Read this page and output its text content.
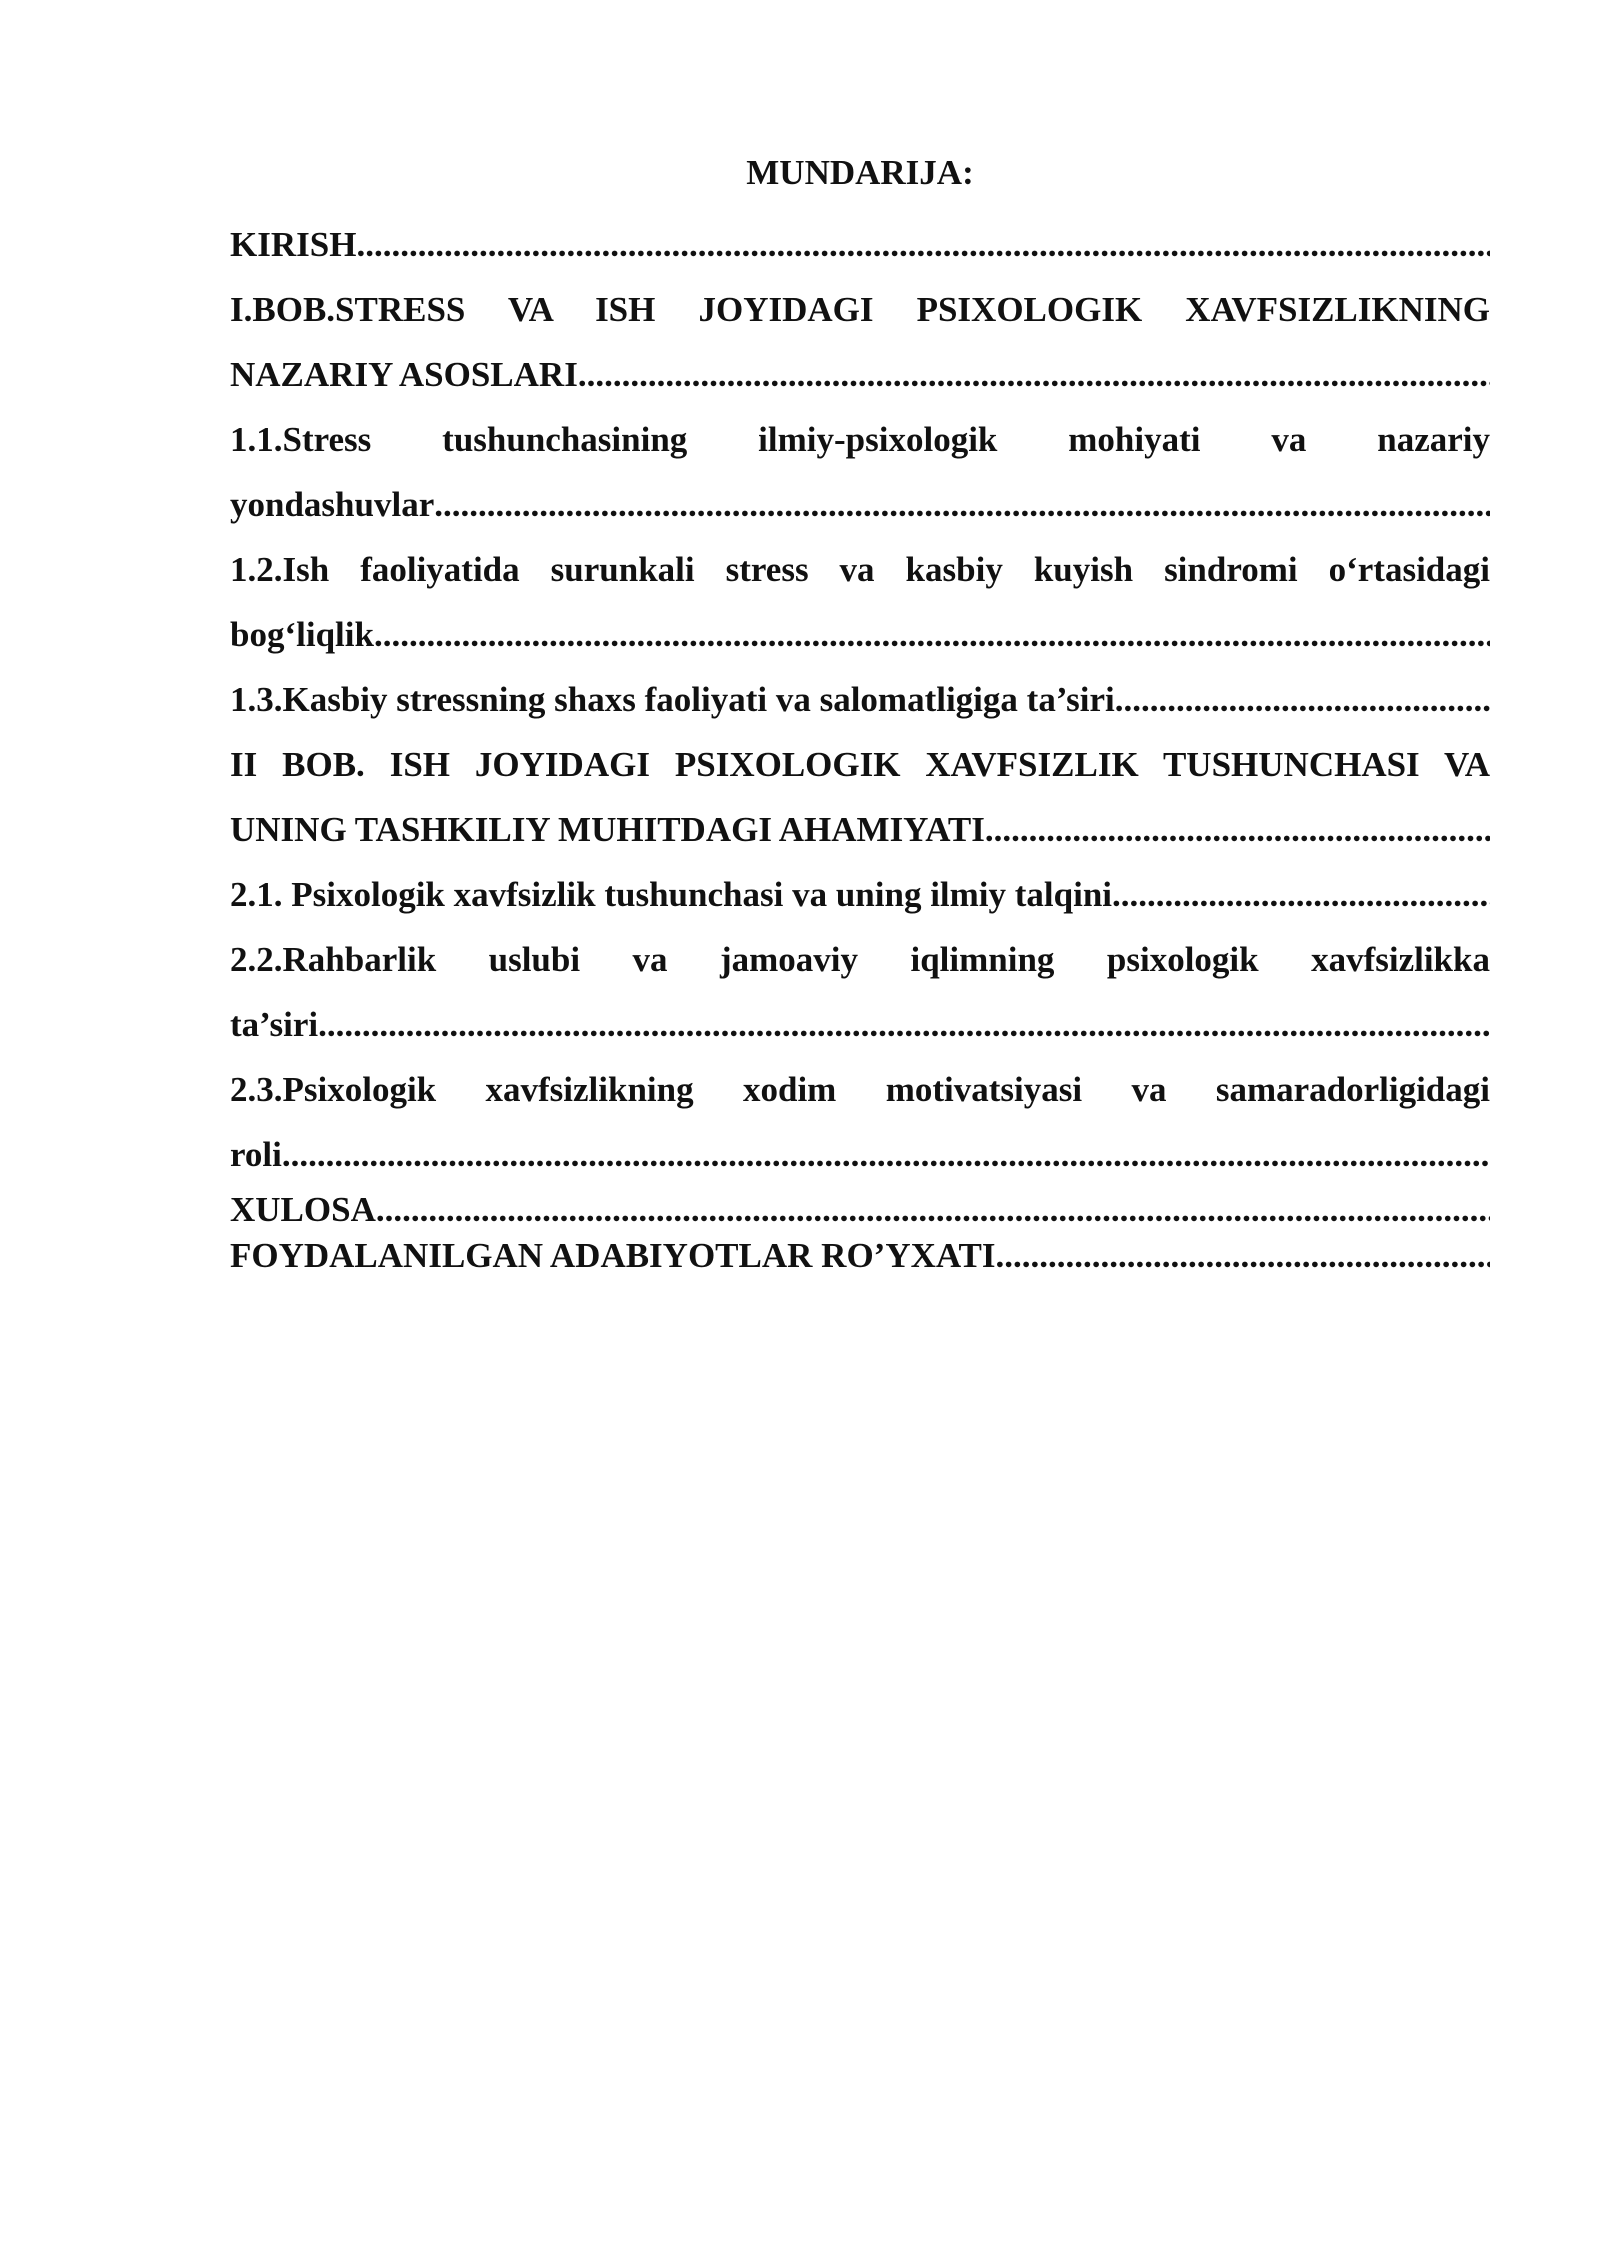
MUNDARIJA:
KIRISH
.....
I.BOB.STRESS VA ISH JOYIDAGI PSIXOLOGIK XAVFSIZLIKNING
NAZARIY ASOSLARI
.....
1.1.Stress tushunchasining ilmiy-psixologik mohiyati va nazariy
yondashuvlar
.....
1.2.Ish faoliyatida surunkali stress va kasbiy kuyish sindromi o‘rtasidagi
bog‘liqlik
.....
1.3.Kasbiy stressning shaxs faoliyati va salomatligiga ta’siri
.....
II BOB. ISH JOYIDAGI PSIXOLOGIK XAVFSIZLIK TUSHUNCHASI VA
UNING TASHKILIY MUHITDAGI AHAMIYATI
.....
2.1. Psixologik xavfsizlik tushunchasi va uning ilmiy talqini
.....
2.2.Rahbarlik uslubi va jamoaviy iqlimning psixologik xavfsizlikka
ta’siri
.....
2.3.Psixologik xavfsizlikning xodim motivatsiyasi va samaradorligidagi
roli
.....
XULOSA
.....
FOYDALANILGAN ADABIYOTLAR RO’YXATI
.....
